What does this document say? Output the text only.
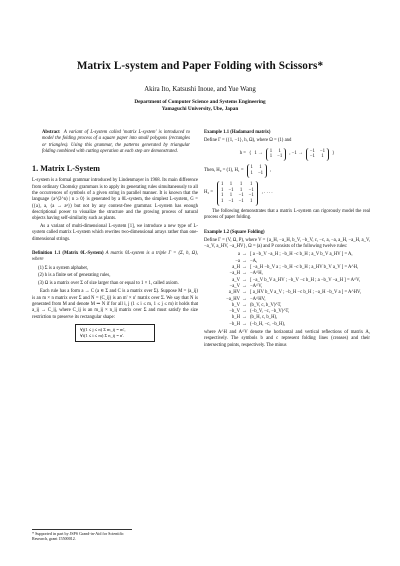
Matrix L-system and Paper Folding with Scissors*
Akira Ito, Katsushi Inoue, and Yue Wang
Department of Computer Science and Systems Engineering
Yamaguchi University, Ube, Japan
Abstract A variant of L-system called 'matrix L-system' is introduced to model the folding process of a square paper into small polygons (rectangles or triangles). Using this grammar, the patterns generated by triangular folding combined with cutting operation at each step are demonstrated.
1. Matrix L-System
L-system is a formal grammar introduced by Lindenmayer in 1968. Its main difference from ordinary Chomsky grammars is to apply its generating rules simultaneously to all the occurrences of symbols of a given string in parallel manner. It is known that the language {a^(2^n) | n ≥ 0} is generated by a 0L-system, the simplest L-system, G = ({a}, a, {a → a²}) but not by any context-free grammar. L-system has enough descriptional power to visualize the structure and the growing process of natural objects having self-similarity such as plants.
As a variant of multi-dimensional L-system [1], we introduce a new type of L-system called matrix L-system which rewrites two-dimensional arrays rather than one-dimensional strings.
Definition 1.1 (Matrix 0L-System) A matrix 0L-system is a triple Γ = (Σ, h, Ω), where
(1) Σ is a system alphabet,
(2) h is a finite set of generating rules,
(3) Ω is a matrix over Σ of size larger than or equal to 1 × 1, called axiom.
Each rule has a form a → C (a ∈ Σ and C is a matrix over Σ). Suppose M = (a_ij) is an m × n matrix over Σ and N = (C_ij) is an m' × n' matrix over Σ. We say that N is generated from M and denote M ⇒ N if for all i, j (1 ≤ i ≤ m, 1 ≤ j ≤ m) it holds that a_ij → C_ij, where C_ij is an m_ij × n_ij matrix over Σ and must satisfy the size restriction to preserve its rectangular shape:
∀j(1 ≤ j ≤ n) Σ m_ij = m',
∀i(1 ≤ i ≤ m) Σ n_ij = n'.
* Supported in part by JSPS Grand-in-Aid for Scientific Research, grant 15500012.
Example 1.1 (Hadamard matrix)
Define Γ = ({1, −1}, h, Ω), where Ω = (1) and
h = { 1 →
1 1
1 −1
, −1 →
−1 −1
−1 1
}
Then, H₀ = (1), H₁ =
1 1
1 −1
,
H₂ =
1 1 1 1
1 −1 1 −1
1 1 −1 −1
1 −1 −1 1
, . . . .
The following demonstrates that a matrix L-system can rigorously model the real process of paper folding.
Example 1.2 (Square Folding)
Define Γ = (V, Ω, P), where V = {a_H, −a_H, b_V, −b_V, c, −c, a, −a, a_H, −a_H, a_V, −a_V, a_HV, −a_HV}, Ω = (a) and P consists of the following twelve rules:
a → [ a −b_V −a_H ; −b_H −c b_H ; a_V b_V a_HV ] = A,
−a → −A,
a_H → [ −a_H −b_V a ; −b_H −c b_H ; a_HV b_V a_V ] = A^H,
−a_H → −A^H,
a_V → [ −a_V b_V a_HV ; −b_V −c b_H ; a −b_V −a_H ] = A^V,
−a_V → −A^V,
a_HV → [ a_HV b_V a_V ; −b_H −c b_H ; −a_H −b_V a ] = A^HV,
−a_HV → −A^HV,
b_V → (b_V, c, b_V)^T,
−b_V → (−b_V, −c, −b_V)^T,
b_H → (b_H, c, b_H),
−b_H → (−b_H, −c, −b_H),
where A^H and A^V denote the horizontal and vertical reflections of matrix A, respectively. The symbols b and c represent folding lines (creases) and their intersecting points, respectively. The minus
